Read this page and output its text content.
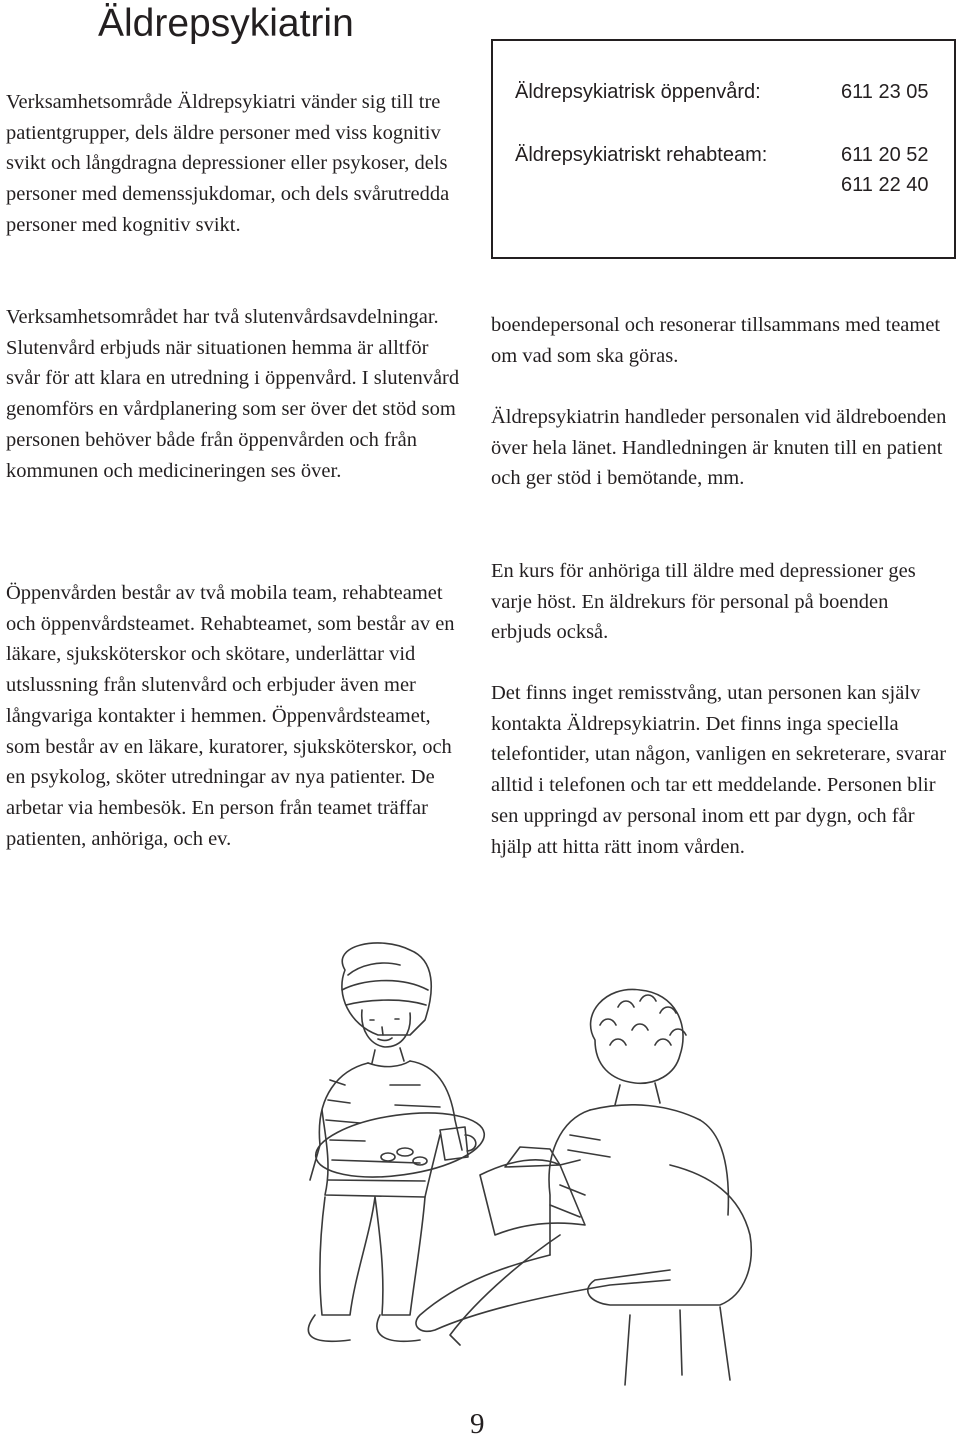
Äldrepsykiatrin
Verksamhetsområde Äldrepsykiatri vänder sig till tre patientgrupper, dels äldre personer med viss kognitiv svikt och långdragna depressioner eller psykoser, dels personer med demenssjukdomar, och dels svårutredda personer med kognitiv svikt.
Verksamhetsområdet har två slutenvårdsavdelningar. Slutenvård erbjuds när situationen hemma är alltför svår för att klara en utredning i öppenvård. I slutenvård genomförs en vårdplanering som ser över det stöd som personen behöver både från öppenvården och från kommunen och medicineringen ses över.
Öppenvården består av två mobila team, rehabteamet och öppenvårdsteamet. Rehabteamet, som består av en läkare, sjuksköterskor och skötare, underlättar vid utslussning från slutenvård och erbjuder även mer långvariga kontakter i hemmen. Öppenvårdsteamet, som består av en läkare, kuratorer, sjuksköterskor, och en psykolog, sköter utredningar av nya patienter. De arbetar via hembesök. En person från teamet träffar patienten, anhöriga, och ev.
Äldrepsykiatrisk öppenvård:	611 23 05
Äldrepsykiatriskt rehabteam:	611 20 52
611 22 40
boendepersonal och resonerar tillsammans med teamet om vad som ska göras.
Äldrepsykiatrin handleder personalen vid äldreboenden över hela länet. Handledningen är knuten till en patient och ger stöd i bemötande, mm.
En kurs för anhöriga till äldre med depressioner ges varje höst. En äldrekurs för personal på boenden erbjuds också.
Det finns inget remisstvång, utan personen kan själv kontakta Äldrepsykiatrin. Det finns inga speciella telefontider, utan någon, vanligen en sekreterare, svarar alltid i telefonen och tar ett meddelande. Personen blir sen uppringd av personal inom ett par dygn, och får hjälp att hitta rätt inom vården.
9
